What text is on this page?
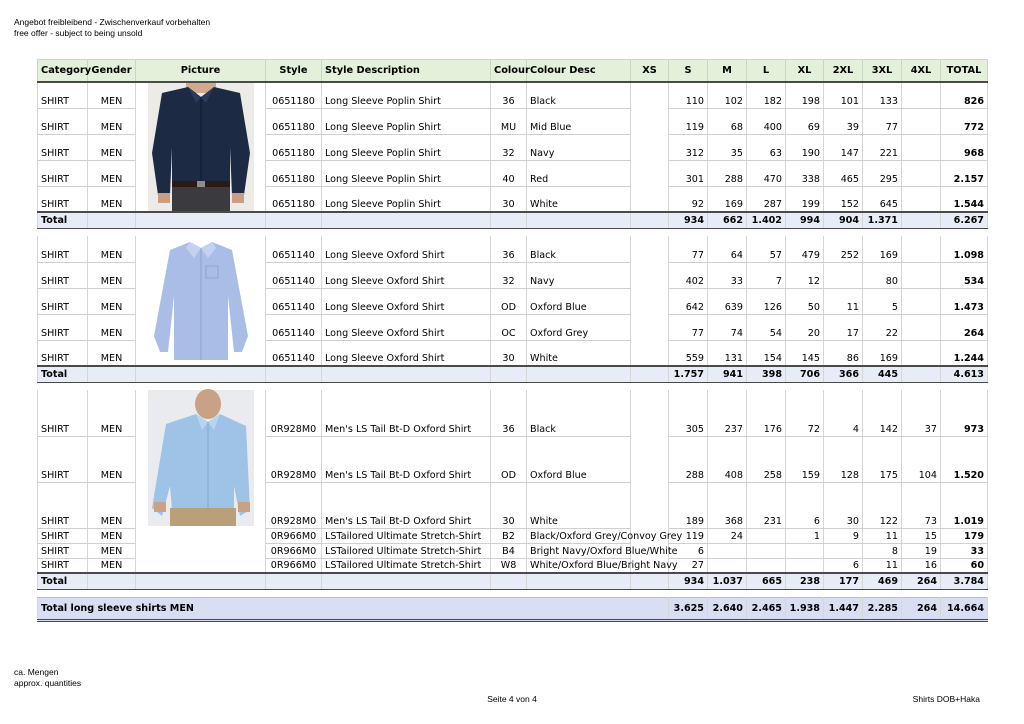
Angebot freibleibend - Zwischenverkauf vorbehalten
free offer - subject to being unsold
Category	Gender	Picture	Style	Style Description	Colour	Colour Desc	XS	S	M	L	XL	2XL	3XL	4XL	TOTAL
SHIRT	MEN		0651180	Long Sleeve Poplin Shirt	36	Black		110	102	182	198	101	133		826
SHIRT	MEN		0651180	Long Sleeve Poplin Shirt	MU	Mid Blue		119	68	400	69	39	77		772
SHIRT	MEN		0651180	Long Sleeve Poplin Shirt	32	Navy		312	35	63	190	147	221		968
SHIRT	MEN		0651180	Long Sleeve Poplin Shirt	40	Red		301	288	470	338	465	295		2.157
SHIRT	MEN		0651180	Long Sleeve Poplin Shirt	30	White		92	169	287	199	152	645		1.544
Total								934	662	1.402	994	904	1.371		6.267

SHIRT	MEN		0651140	Long Sleeve Oxford Shirt	36	Black		77	64	57	479	252	169		1.098
SHIRT	MEN		0651140	Long Sleeve Oxford Shirt	32	Navy		402	33	7	12		80		534
SHIRT	MEN		0651140	Long Sleeve Oxford Shirt	OD	Oxford Blue		642	639	126	50	11	5		1.473
SHIRT	MEN		0651140	Long Sleeve Oxford Shirt	OC	Oxford Grey		77	74	54	20	17	22		264
SHIRT	MEN		0651140	Long Sleeve Oxford Shirt	30	White		559	131	154	145	86	169		1.244
Total								1.757	941	398	706	366	445		4.613

SHIRT	MEN		0R928M0	Men's LS Tail Bt-D Oxford Shirt	36	Black		305	237	176	72	4	142	37	973
SHIRT	MEN		0R928M0	Men's LS Tail Bt-D Oxford Shirt	OD	Oxford Blue		288	408	258	159	128	175	104	1.520
SHIRT	MEN		0R928M0	Men's LS Tail Bt-D Oxford Shirt	30	White		189	368	231	6	30	122	73	1.019
SHIRT	MEN		0R966M0	LSTailored Ultimate Stretch-Shirt	B2	Black/Oxford Grey/Convoy Grey		119	24		1	9	11	15	179
SHIRT	MEN		0R966M0	LSTailored Ultimate Stretch-Shirt	B4	Bright Navy/Oxford Blue/White		6					8	19	33
SHIRT	MEN		0R966M0	LSTailored Ultimate Stretch-Shirt	W8	White/Oxford Blue/Bright Navy		27				6	11	16	60
Total								934	1.037	665	238	177	469	264	3.784

Total long sleeve shirts MEN								3.625	2.640	2.465	1.938	1.447	2.285	264	14.664
ca. Mengen
approx. quantities
Seite 4 von 4	Shirts DOB+Haka
